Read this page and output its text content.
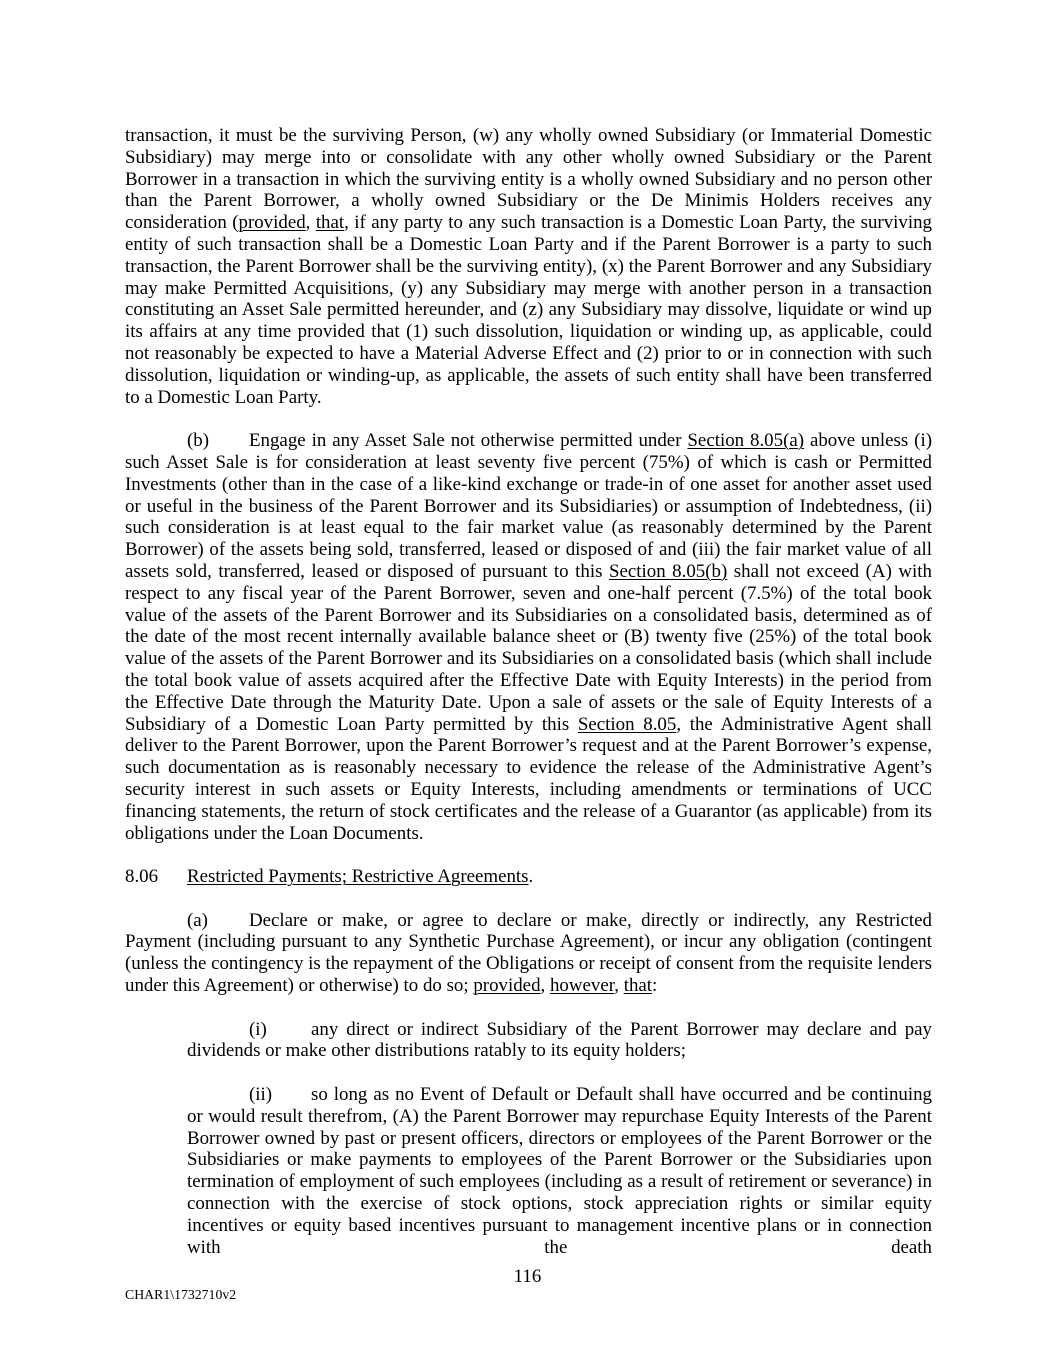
transaction, it must be the surviving Person, (w) any wholly owned Subsidiary (or Immaterial Domestic Subsidiary) may merge into or consolidate with any other wholly owned Subsidiary or the Parent Borrower in a transaction in which the surviving entity is a wholly owned Subsidiary and no person other than the Parent Borrower, a wholly owned Subsidiary or the De Minimis Holders receives any consideration (provided, that, if any party to any such transaction is a Domestic Loan Party, the surviving entity of such transaction shall be a Domestic Loan Party and if the Parent Borrower is a party to such transaction, the Parent Borrower shall be the surviving entity), (x) the Parent Borrower and any Subsidiary may make Permitted Acquisitions, (y) any Subsidiary may merge with another person in a transaction constituting an Asset Sale permitted hereunder, and (z) any Subsidiary may dissolve, liquidate or wind up its affairs at any time provided that (1) such dissolution, liquidation or winding up, as applicable, could not reasonably be expected to have a Material Adverse Effect and (2) prior to or in connection with such dissolution, liquidation or winding-up, as applicable, the assets of such entity shall have been transferred to a Domestic Loan Party.

(b) Engage in any Asset Sale not otherwise permitted under Section 8.05(a) above unless (i) such Asset Sale is for consideration at least seventy five percent (75%) of which is cash or Permitted Investments (other than in the case of a like-kind exchange or trade-in of one asset for another asset used or useful in the business of the Parent Borrower and its Subsidiaries) or assumption of Indebtedness, (ii) such consideration is at least equal to the fair market value (as reasonably determined by the Parent Borrower) of the assets being sold, transferred, leased or disposed of and (iii) the fair market value of all assets sold, transferred, leased or disposed of pursuant to this Section 8.05(b) shall not exceed (A) with respect to any fiscal year of the Parent Borrower, seven and one-half percent (7.5%) of the total book value of the assets of the Parent Borrower and its Subsidiaries on a consolidated basis, determined as of the date of the most recent internally available balance sheet or (B) twenty five (25%) of the total book value of the assets of the Parent Borrower and its Subsidiaries on a consolidated basis (which shall include the total book value of assets acquired after the Effective Date with Equity Interests) in the period from the Effective Date through the Maturity Date. Upon a sale of assets or the sale of Equity Interests of a Subsidiary of a Domestic Loan Party permitted by this Section 8.05, the Administrative Agent shall deliver to the Parent Borrower, upon the Parent Borrower’s request and at the Parent Borrower’s expense, such documentation as is reasonably necessary to evidence the release of the Administrative Agent’s security interest in such assets or Equity Interests, including amendments or terminations of UCC financing statements, the return of stock certificates and the release of a Guarantor (as applicable) from its obligations under the Loan Documents.

8.06 Restricted Payments; Restrictive Agreements.

(a) Declare or make, or agree to declare or make, directly or indirectly, any Restricted Payment (including pursuant to any Synthetic Purchase Agreement), or incur any obligation (contingent (unless the contingency is the repayment of the Obligations or receipt of consent from the requisite lenders under this Agreement) or otherwise) to do so; provided, however, that:

(i) any direct or indirect Subsidiary of the Parent Borrower may declare and pay dividends or make other distributions ratably to its equity holders;

(ii) so long as no Event of Default or Default shall have occurred and be continuing or would result therefrom, (A) the Parent Borrower may repurchase Equity Interests of the Parent Borrower owned by past or present officers, directors or employees of the Parent Borrower or the Subsidiaries or make payments to employees of the Parent Borrower or the Subsidiaries upon termination of employment of such employees (including as a result of retirement or severance) in connection with the exercise of stock options, stock appreciation rights or similar equity incentives or equity based incentives pursuant to management incentive plans or in connection with the death

116
CHAR1\1732710v2
